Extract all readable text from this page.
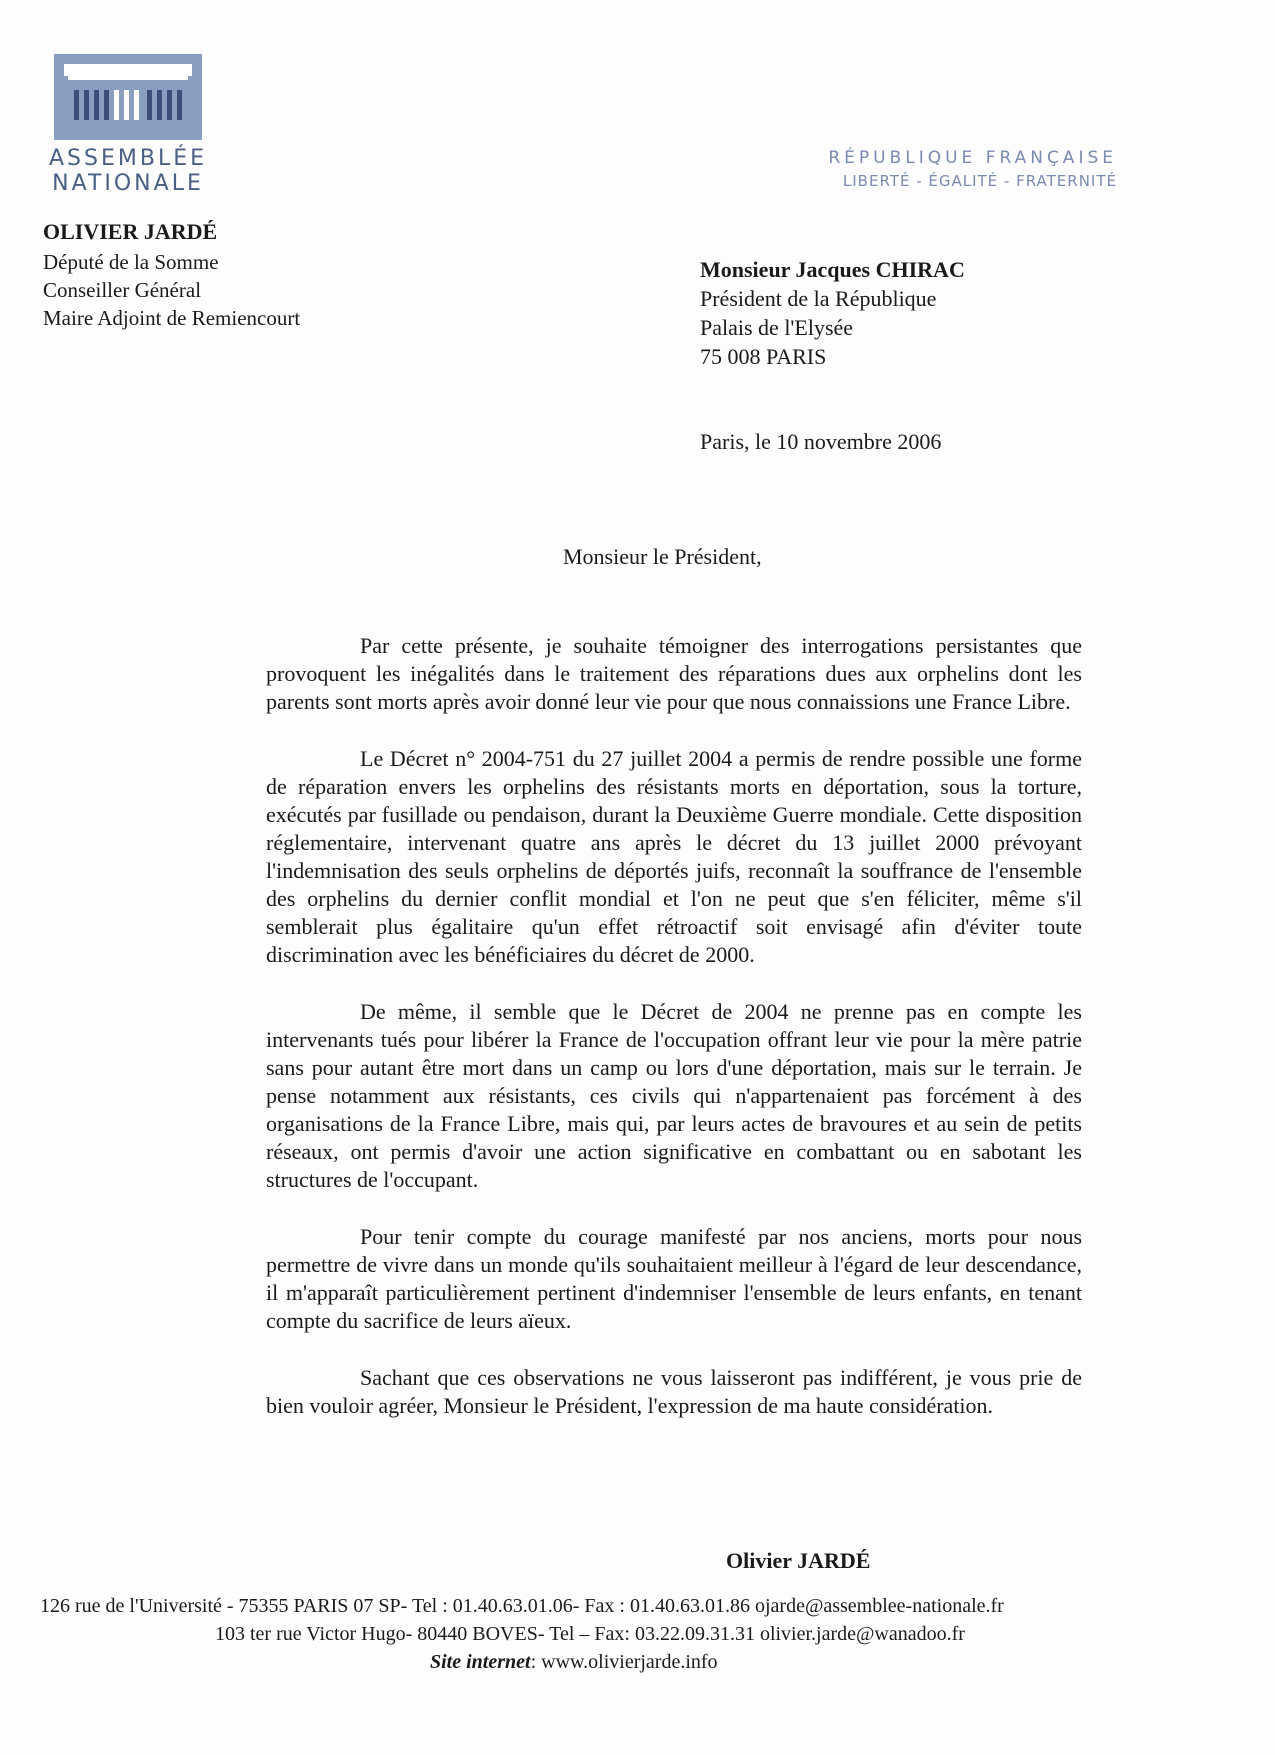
ASSEMBLÉE
NATIONALE
RÉPUBLIQUE FRANÇAISE
LIBERTÉ - ÉGALITÉ - FRATERNITÉ
OLIVIER JARDÉ
Député de la Somme
Conseiller Général
Maire Adjoint de Remiencourt
Monsieur Jacques CHIRAC
Président de la République
Palais de l'Elysée
75 008 PARIS
Paris, le 10 novembre 2006
Monsieur le Président,

Par cette présente, je souhaite témoigner des interrogations persistantes que provoquent les inégalités dans le traitement des réparations dues aux orphelins dont les parents sont morts après avoir donné leur vie pour que nous connaissions une France Libre.

Le Décret n° 2004-751 du 27 juillet 2004 a permis de rendre possible une forme de réparation envers les orphelins des résistants morts en déportation, sous la torture, exécutés par fusillade ou pendaison, durant la Deuxième Guerre mondiale. Cette disposition réglementaire, intervenant quatre ans après le décret du 13 juillet 2000 prévoyant l'indemnisation des seuls orphelins de déportés juifs, reconnaît la souffrance de l'ensemble des orphelins du dernier conflit mondial et l'on ne peut que s'en féliciter, même s'il semblerait plus égalitaire qu'un effet rétroactif soit envisagé afin d'éviter toute discrimination avec les bénéficiaires du décret de 2000.

De même, il semble que le Décret de 2004 ne prenne pas en compte les intervenants tués pour libérer la France de l'occupation offrant leur vie pour la mère patrie sans pour autant être mort dans un camp ou lors d'une déportation, mais sur le terrain. Je pense notamment aux résistants, ces civils qui n'appartenaient pas forcément à des organisations de la France Libre, mais qui, par leurs actes de bravoures et au sein de petits réseaux, ont permis d'avoir une action significative en combattant ou en sabotant les structures de l'occupant.

Pour tenir compte du courage manifesté par nos anciens, morts pour nous permettre de vivre dans un monde qu'ils souhaitaient meilleur à l'égard de leur descendance, il m'apparaît particulièrement pertinent d'indemniser l'ensemble de leurs enfants, en tenant compte du sacrifice de leurs aïeux.

Sachant que ces observations ne vous laisseront pas indifférent, je vous prie de bien vouloir agréer, Monsieur le Président, l'expression de ma haute considération.

Olivier JARDÉ
126 rue de l'Université - 75355 PARIS 07 SP- Tel : 01.40.63.01.06- Fax : 01.40.63.01.86 ojarde@assemblee-nationale.fr
103 ter rue Victor Hugo- 80440 BOVES- Tel – Fax: 03.22.09.31.31 olivier.jarde@wanadoo.fr
Site internet: www.olivierjarde.info
